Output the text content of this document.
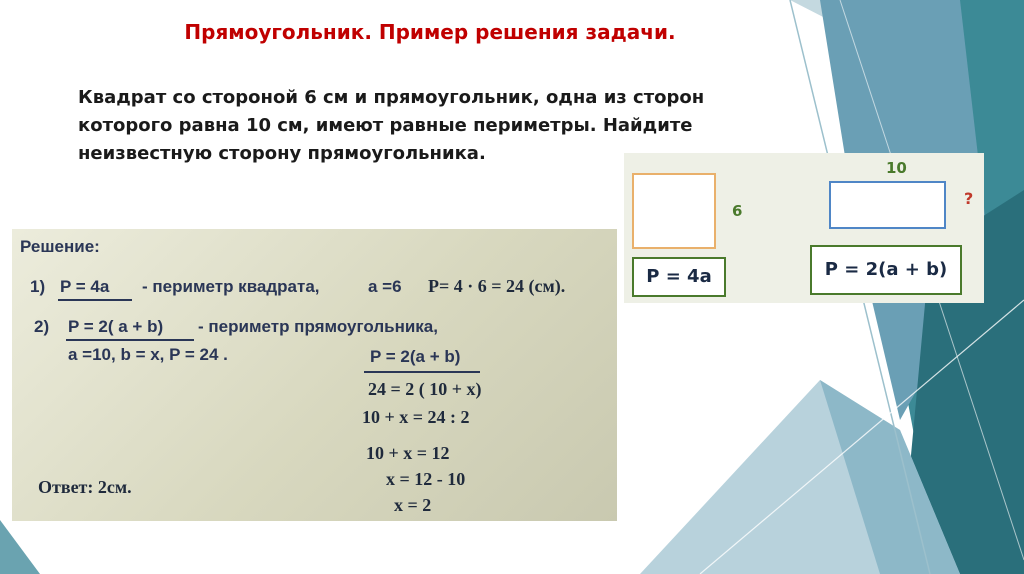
Прямоугольник. Пример решения задачи.
Квадрат со стороной 6 см и прямоугольник, одна из сторон
которого равна 10 см, имеют равные периметры. Найдите
неизвестную сторону прямоугольника.
6
10
?
P = 4a	P = 2(a + b)
Решение:
1) P = 4a - периметр квадрата,	a =6 P= 4 · 6 = 24 (см).
2) P = 2( a + b) - периметр прямоугольника,
a =10, b = x, P = 24 .	P = 2(a + b)
24 = 2 ( 10 + x)
10 + x = 24 : 2
10 + x = 12
x = 12 - 10
x = 2
Ответ: 2см.
